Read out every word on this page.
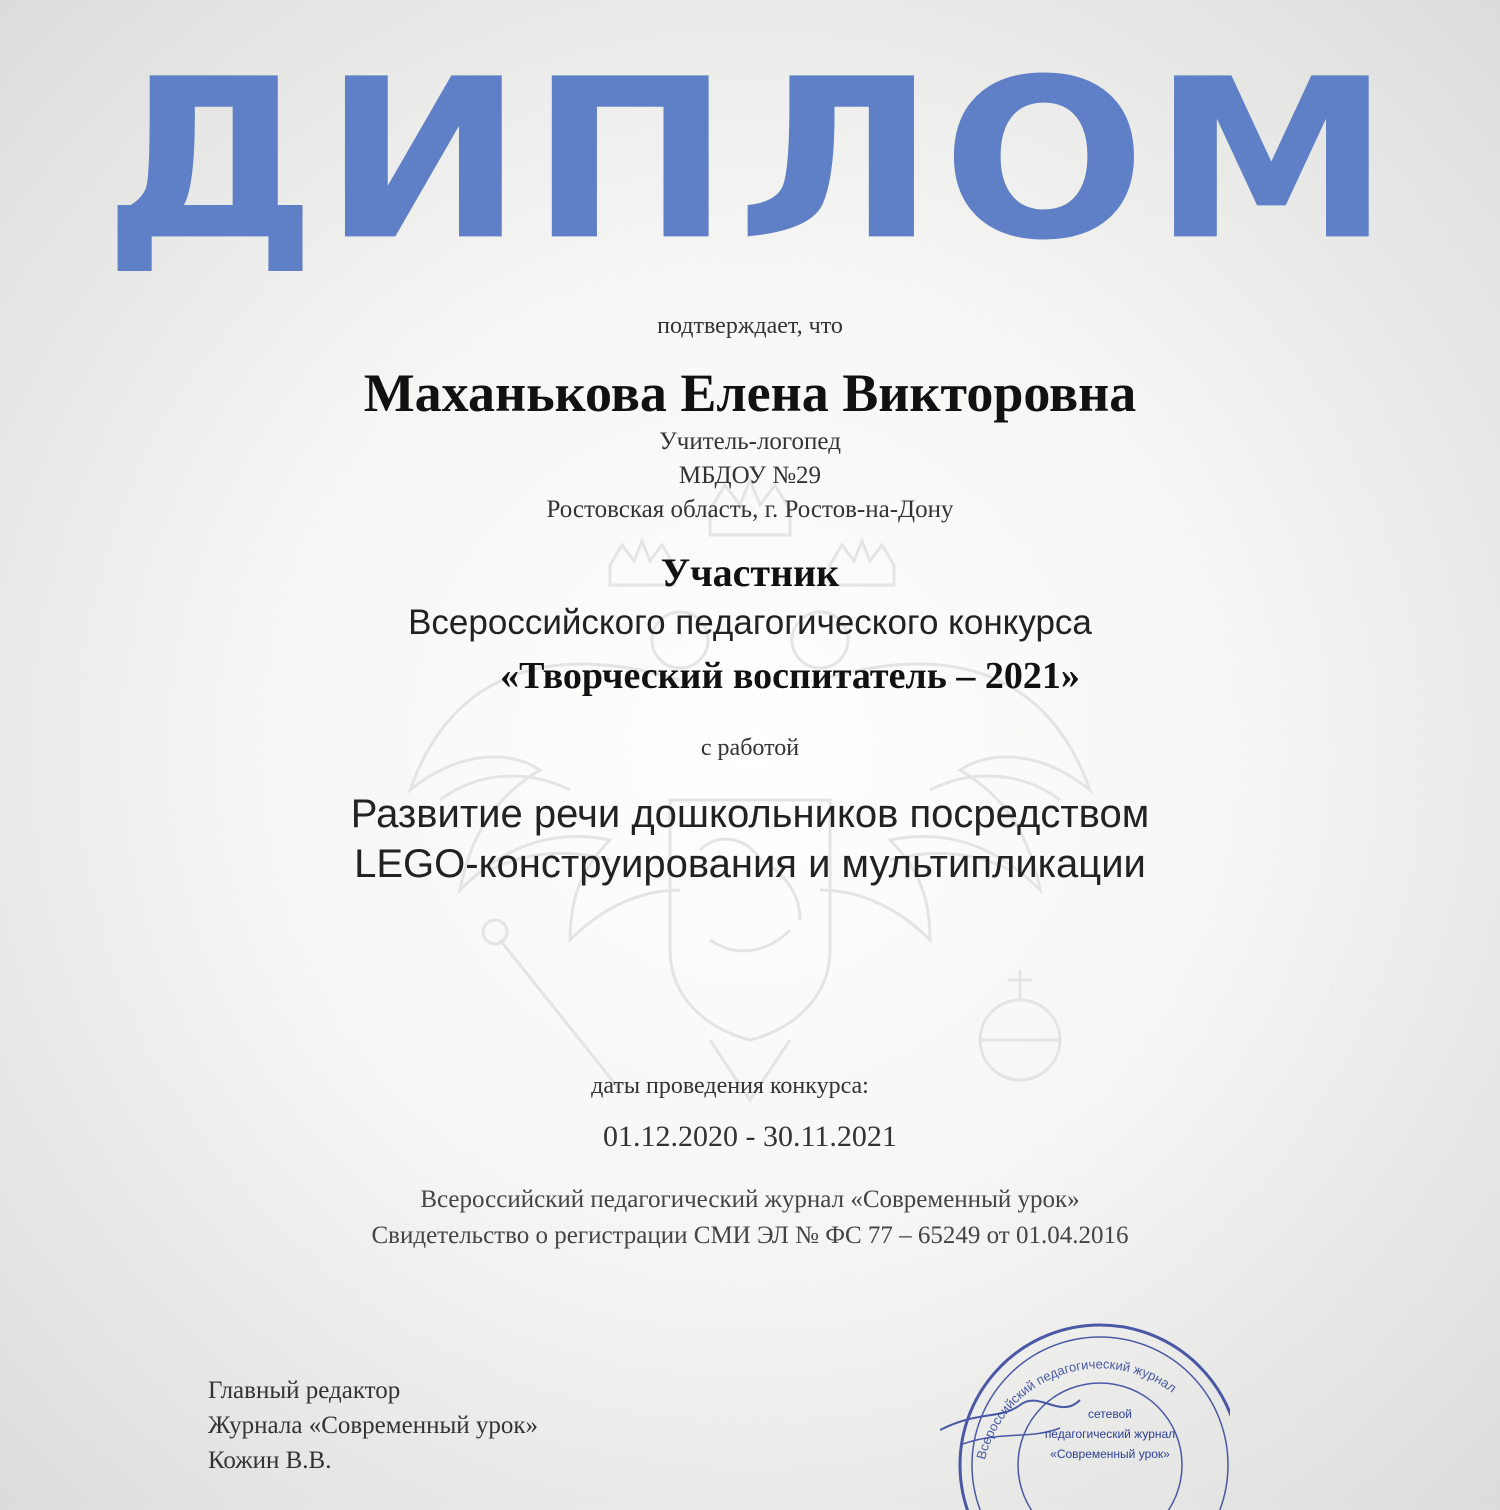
ДИПЛОМ
подтверждает, что
Маханькова Елена Викторовна
Учитель-логопед
МБДОУ №29
Ростовская область, г. Ростов-на-Дону
Участник
Всероссийского педагогического конкурса
«Творческий воспитатель – 2021»
с работой
Развитие речи дошкольников посредством
LEGO-конструирования и мультипликации
даты проведения конкурса:
01.12.2020 - 30.11.2021
Всероссийский педагогический журнал «Современный урок»
Свидетельство о регистрации СМИ ЭЛ № ФС 77 – 65249 от 01.04.2016
Главный редактор
Журнала «Современный урок»
Кожин В.В.	Всероссийский педагогический журнал
сетевой
педагогический журнал
«Современный урок»
